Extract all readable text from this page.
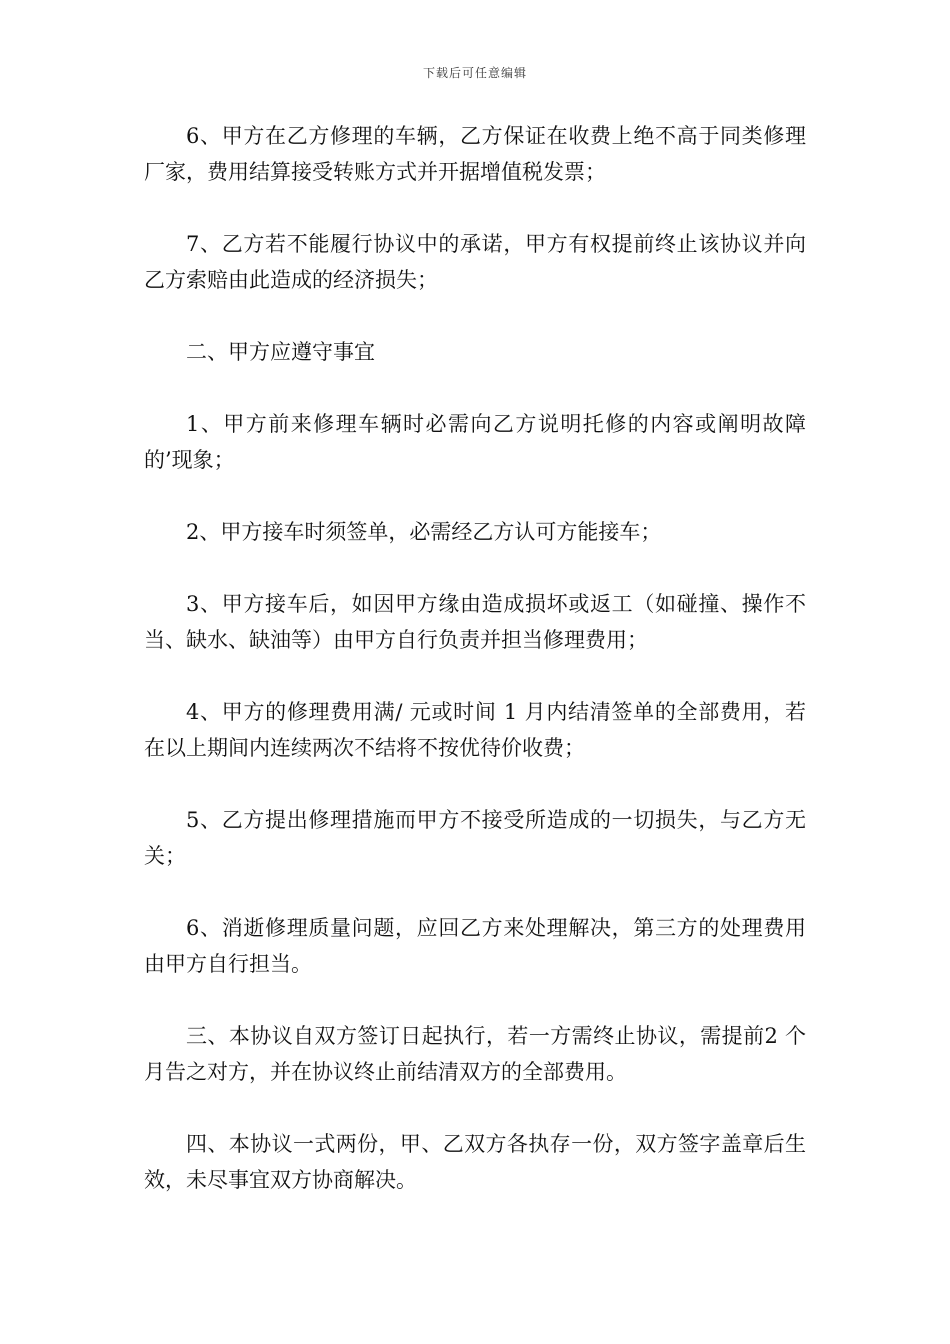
下载后可任意编辑

6、甲方在乙方修理的车辆，乙方保证在收费上绝不高于同类修理厂家，费用结算接受转账方式并开据增值税发票；

7、乙方若不能履行协议中的承诺，甲方有权提前终止该协议并向乙方索赔由此造成的经济损失；

二、甲方应遵守事宜

1、甲方前来修理车辆时必需向乙方说明托修的内容或阐明故障的’现象；

2、甲方接车时须签单，必需经乙方认可方能接车；

3、甲方接车后，如因甲方缘由造成损坏或返工（如碰撞、操作不当、缺水、缺油等）由甲方自行负责并担当修理费用；

4、甲方的修理费用满/ 元或时间 1 月内结清签单的全部费用，若在以上期间内连续两次不结将不按优待价收费；

5、乙方提出修理措施而甲方不接受所造成的一切损失，与乙方无关；

6、消逝修理质量问题，应回乙方来处理解决，第三方的处理费用由甲方自行担当。

三、本协议自双方签订日起执行，若一方需终止协议，需提前2 个月告之对方，并在协议终止前结清双方的全部费用。

四、本协议一式两份，甲、乙双方各执存一份，双方签字盖章后生效，未尽事宜双方协商解决。
